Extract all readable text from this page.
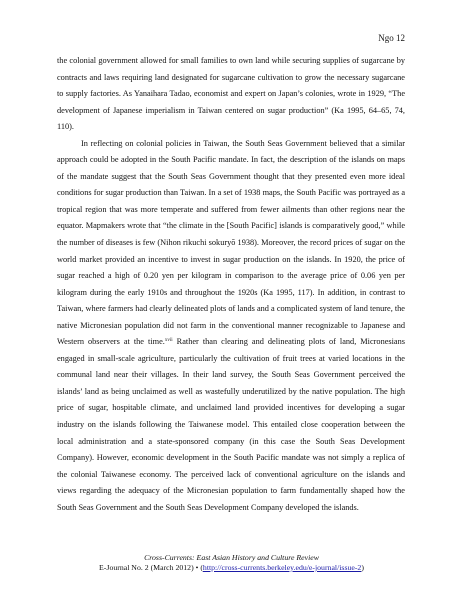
Ngo 12

the colonial government allowed for small families to own land while securing supplies of sugarcane by contracts and laws requiring land designated for sugarcane cultivation to grow the necessary sugarcane to supply factories. As Yanaihara Tadao, economist and expert on Japan’s colonies, wrote in 1929, “The development of Japanese imperialism in Taiwan centered on sugar production” (Ka 1995, 64–65, 74, 110).

In reflecting on colonial policies in Taiwan, the South Seas Government believed that a similar approach could be adopted in the South Pacific mandate. In fact, the description of the islands on maps of the mandate suggest that the South Seas Government thought that they presented even more ideal conditions for sugar production than Taiwan. In a set of 1938 maps, the South Pacific was portrayed as a tropical region that was more temperate and suffered from fewer ailments than other regions near the equator. Mapmakers wrote that “the climate in the [South Pacific] islands is comparatively good,” while the number of diseases is few (Nihon rikuchi sokuryō 1938). Moreover, the record prices of sugar on the world market provided an incentive to invest in sugar production on the islands. In 1920, the price of sugar reached a high of 0.20 yen per kilogram in comparison to the average price of 0.06 yen per kilogram during the early 1910s and throughout the 1920s (Ka 1995, 117). In addition, in contrast to Taiwan, where farmers had clearly delineated plots of lands and a complicated system of land tenure, the native Micronesian population did not farm in the conventional manner recognizable to Japanese and Western observers at the time.$^{xvii}$ Rather than clearing and delineating plots of land, Micronesians engaged in small-scale agriculture, particularly the cultivation of fruit trees at varied locations in the communal land near their villages. In their land survey, the South Seas Government perceived the islands’ land as being unclaimed as well as wastefully underutilized by the native population. The high price of sugar, hospitable climate, and unclaimed land provided incentives for developing a sugar industry on the islands following the Taiwanese model. This entailed close cooperation between the local administration and a state-sponsored company (in this case the South Seas Development Company). However, economic development in the South Pacific mandate was not simply a replica of the colonial Taiwanese economy. The perceived lack of conventional agriculture on the islands and views regarding the adequacy of the Micronesian population to farm fundamentally shaped how the South Seas Government and the South Seas Development Company developed the islands.

Cross-Currents: East Asian History and Culture Review
E-Journal No. 2 (March 2012) • (http://cross-currents.berkeley.edu/e-journal/issue-2)
